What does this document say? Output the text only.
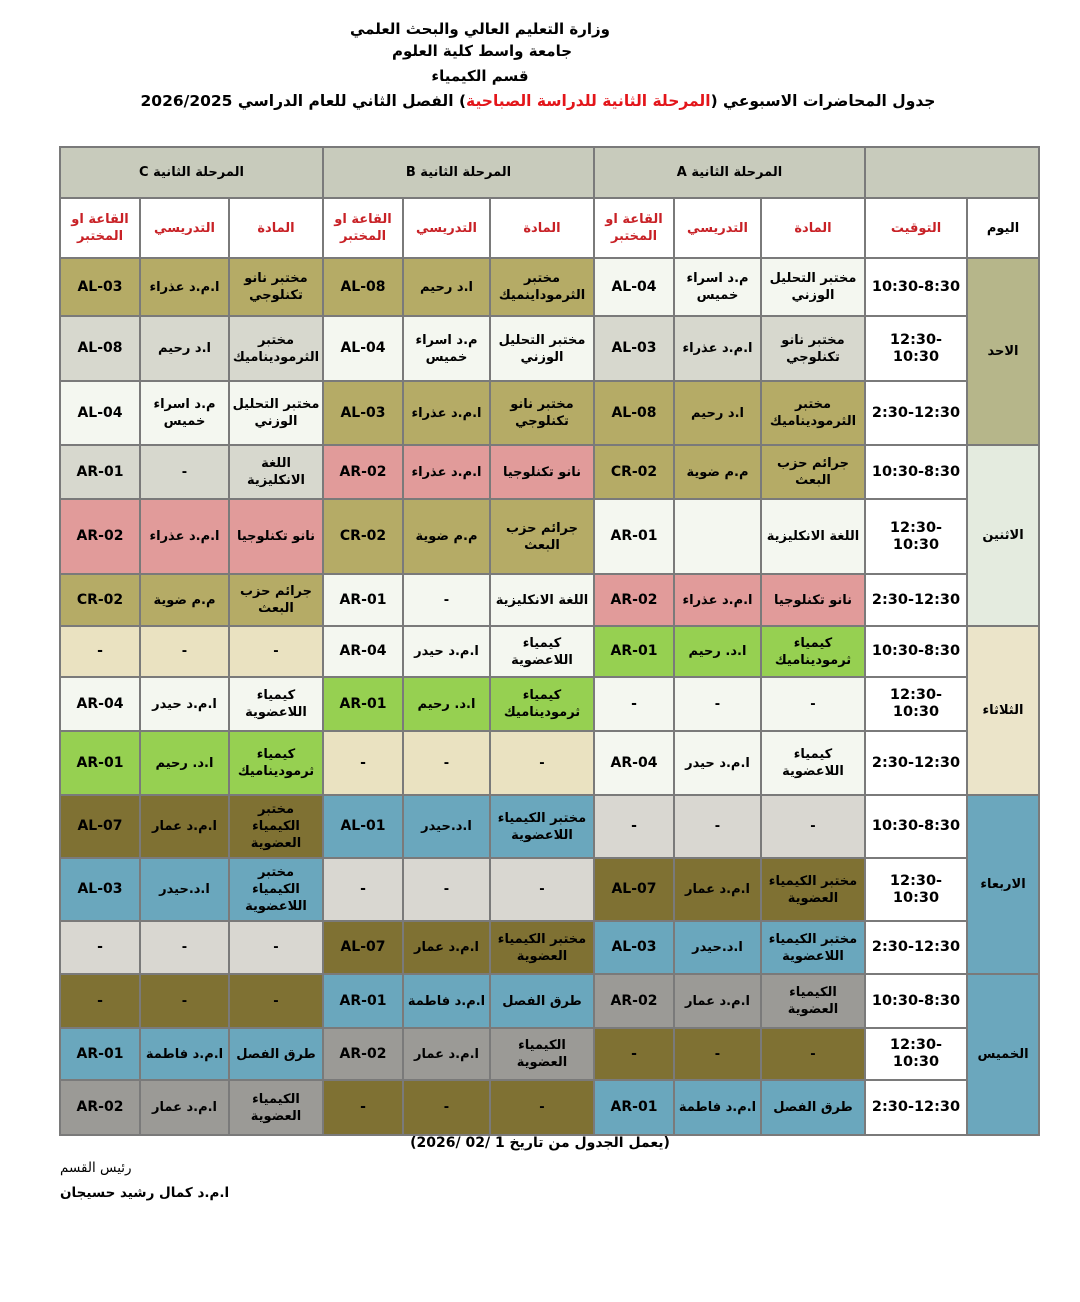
وزارة التعليم العالي والبحث العلمي
جامعة واسط كلية العلوم
قسم الكيمياء
جدول المحاضرات الاسبوعي (المرحلة الثانية للدراسة الصباحية) الفصل الثاني للعام الدراسي 2026/2025
المرحلة الثانية C			المرحلة الثانية B			المرحلة الثانية A				
القاعة او المختبر	التدريسي	المادة	القاعة او المختبر	التدريسي	المادة	القاعة او المختبر	التدريسي	المادة	التوقيت	اليوم
AL-03	ا.م.د عذراء	مختبر نانو تكنلوجي	AL-08	ا.د رحيم	مختبر الثرموداينميك	AL-04	م.د اسراء خميس	مختبر التحليل الوزني	10:30-8:30	الاحد
AL-08	ا.د رحيم	مختبر الثرموديناميك	AL-04	م.د اسراء خميس	مختبر التحليل الوزني	AL-03	ا.م.د عذراء	مختبر نانو تكنلوجي	12:30-10:30	
AL-04	م.د اسراء خميس	مختبر التحليل الوزني	AL-03	ا.م.د عذراء	مختبر نانو تكنلوجي	AL-08	ا.د رحيم	مختبر الثرموديناميك	2:30-12:30	
AR-01	-	اللغة الانكليزية	AR-02	ا.م.د عذراء	نانو تكنلوجيا	CR-02	م.م ضوية	جرائم حزب البعث	10:30-8:30	الاثنين
AR-02	ا.م.د عذراء	نانو تكنلوجيا	CR-02	م.م ضوية	جرائم حزب البعث	AR-01		اللغة الانكليزية	12:30-10:30	
CR-02	م.م ضوية	جرائم حزب البعث	AR-01	-	اللغة الانكليزية	AR-02	ا.م.د عذراء	نانو تكنلوجيا	2:30-12:30	
-	-	-	AR-04	ا.م.د حيدر	كيمياء اللاعضوية	AR-01	ا.د. رحيم	كيمياء ثرموديناميك	10:30-8:30	الثلاثاء
AR-04	ا.م.د حيدر	كيمياء اللاعضوية	AR-01	ا.د. رحيم	كيمياء ثرموديناميك	-	-	-	12:30-10:30	
AR-01	ا.د. رحيم	كيمياء ثرموديناميك	-	-	-	AR-04	ا.م.د حيدر	كيمياء اللاعضوية	2:30-12:30	
AL-07	ا.م.د عمار	مختبر الكيمياء العضوية	AL-01	ا.د.حيدر	مختبر الكيمياء اللاعضوية	-	-	-	10:30-8:30	الاربعاء
AL-03	ا.د.حيدر	مختبر الكيمياء اللاعضوية	-	-	-	AL-07	ا.م.د عمار	مختبر الكيمياء العضوية	12:30-10:30	
-	-	-	AL-07	ا.م.د عمار	مختبر الكيمياء العضوية	AL-03	ا.د.حيدر	مختبر الكيمياء اللاعضوية	2:30-12:30	
-	-	-	AR-01	ا.م.د فاطمة	طرق الفصل	AR-02	ا.م.د عمار	الكيمياء العضوية	10:30-8:30	الخميس
AR-01	ا.م.د فاطمة	طرق الفصل	AR-02	ا.م.د عمار	الكيمياء العضوية	-	-	-	12:30-10:30	
AR-02	ا.م.د عمار	الكيمياء العضوية	-	-	-	AR-01	ا.م.د فاطمة	طرق الفصل	2:30-12:30	
(يعمل الجدول من تاريخ 1 /02 /2026)
رئيس القسم
ا.م.د كمال رشيد حسيجان
